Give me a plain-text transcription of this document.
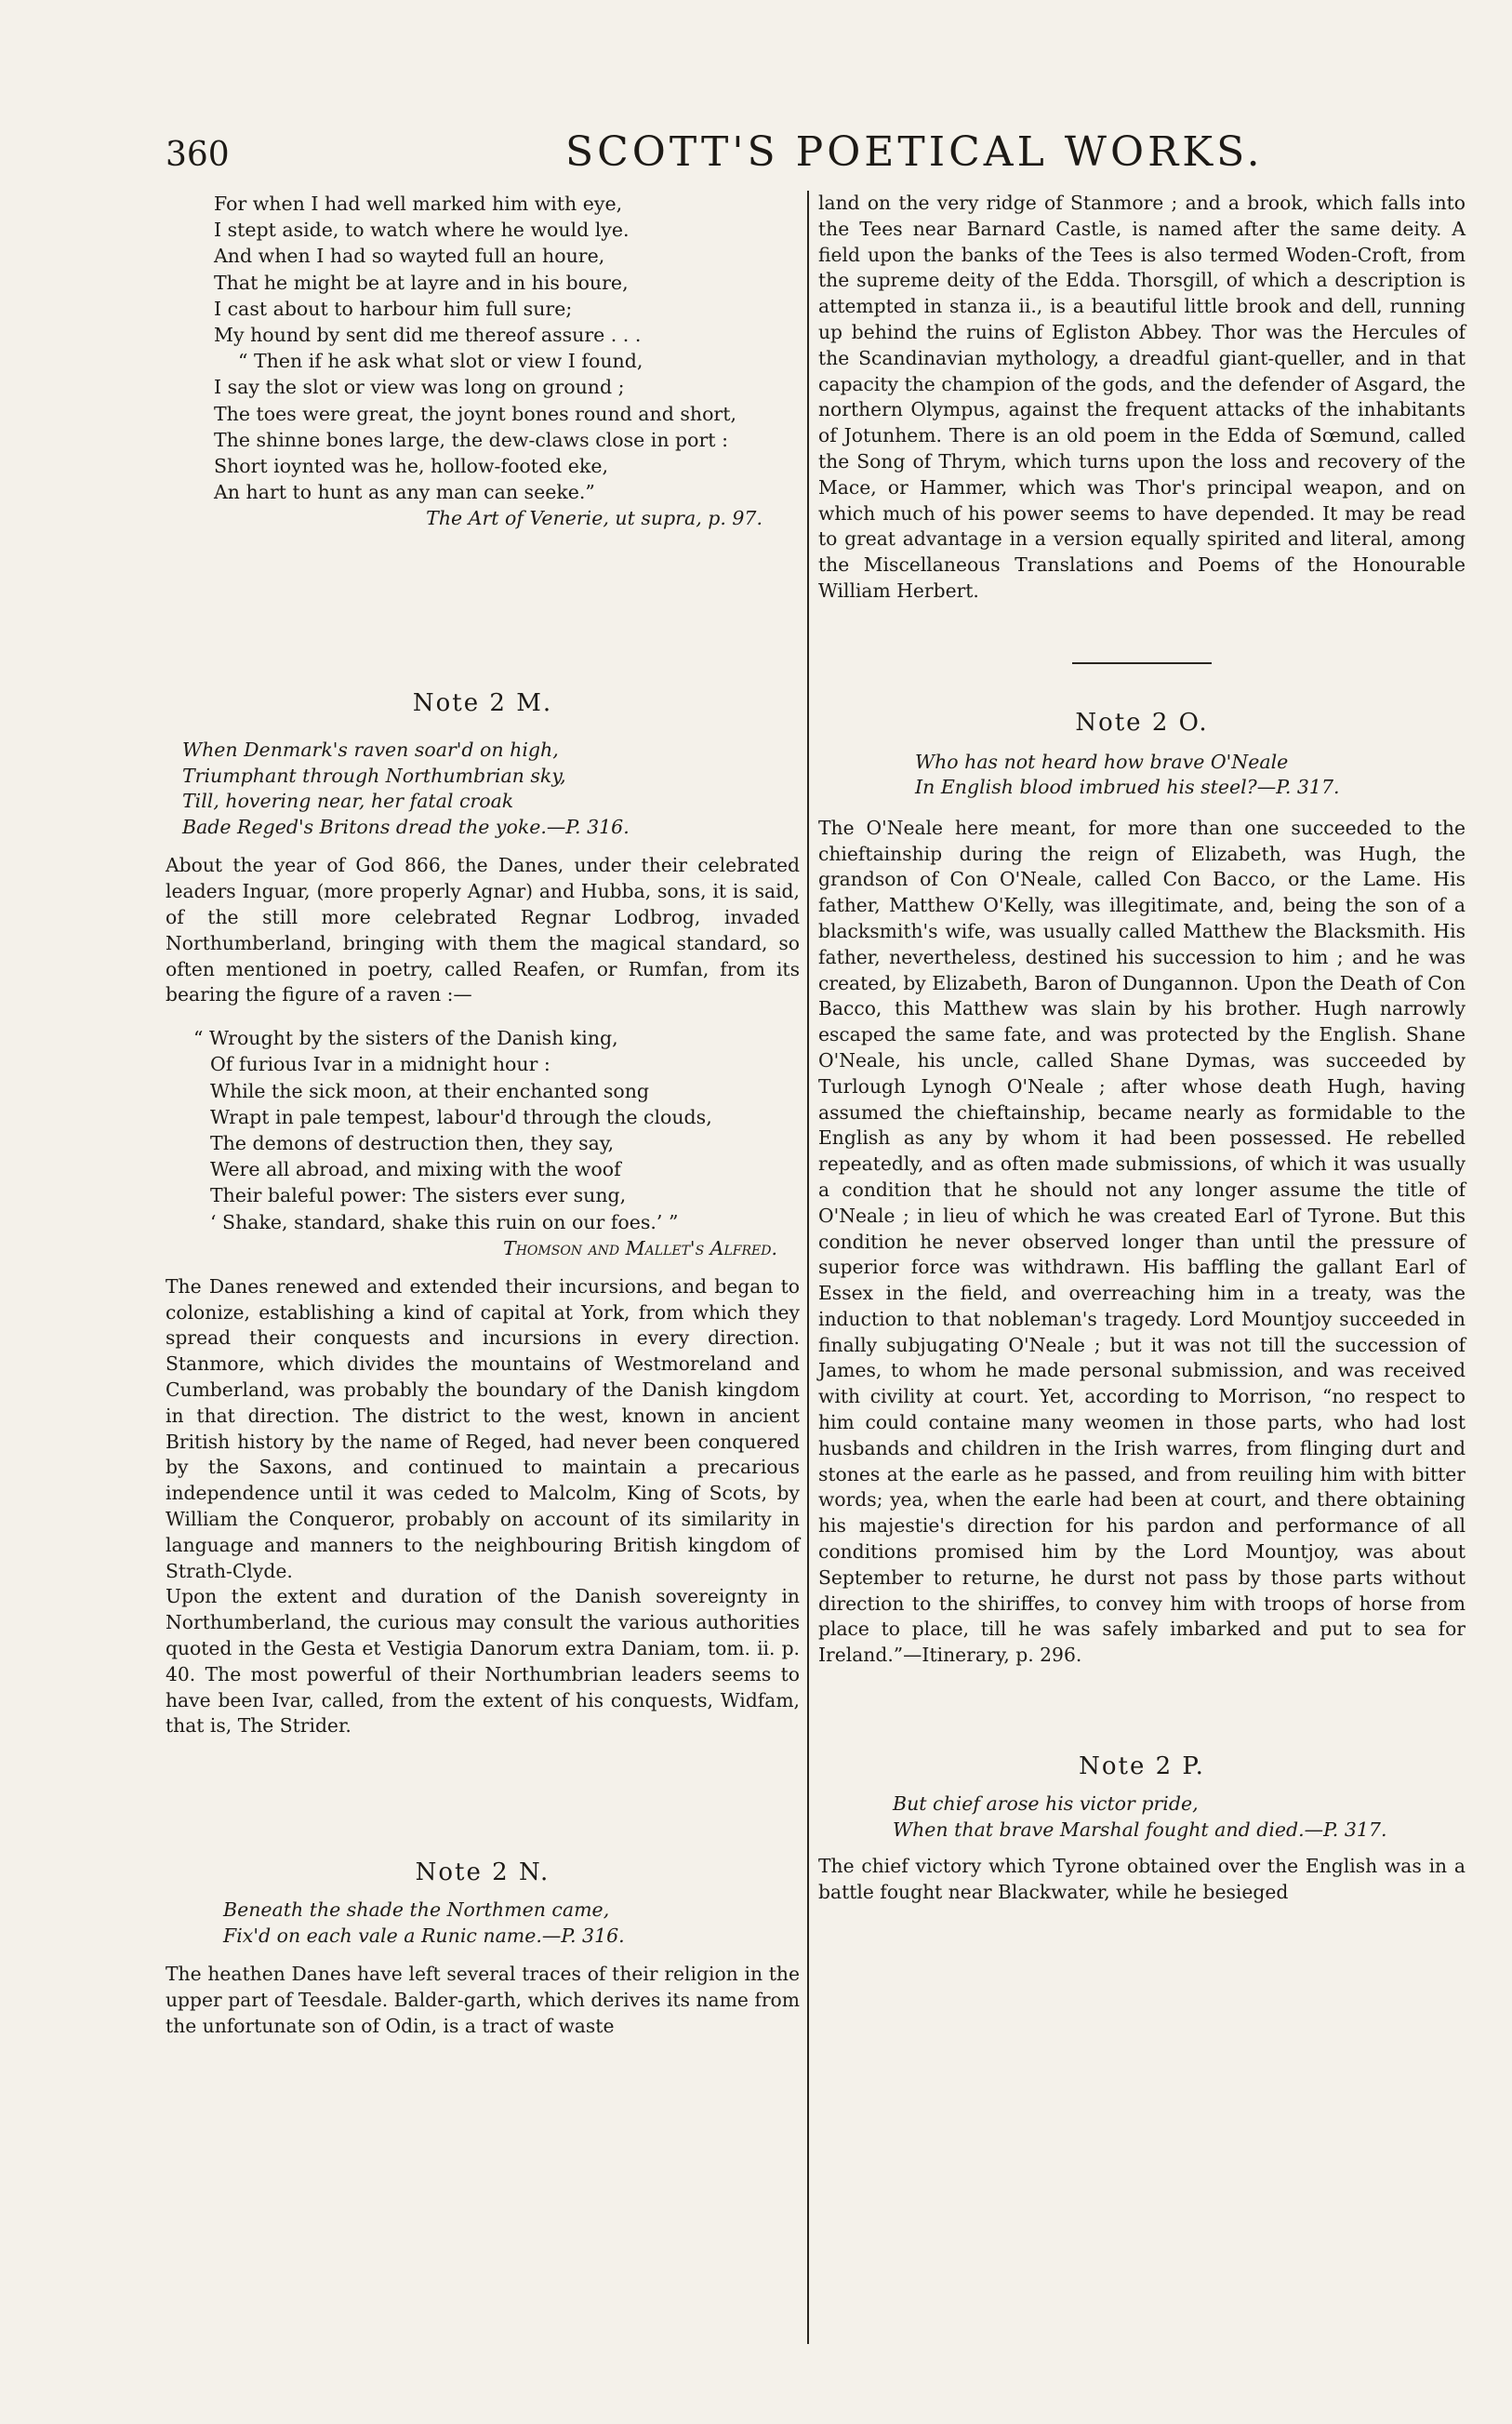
360	SCOTT'S POETICAL WORKS.
For when I had well marked him with eye,
I stept aside, to watch where he would lye.
And when I had so wayted full an houre,
That he might be at layre and in his boure,
I cast about to harbour him full sure;
My hound by sent did me thereof assure . . .
“ Then if he ask what slot or view I found,
I say the slot or view was long on ground ;
The toes were great, the joynt bones round and short,
The shinne bones large, the dew-claws close in port :
Short ioynted was he, hollow-footed eke,
An hart to hunt as any man can seeke.”
The Art of Venerie, ut supra, p. 97.
Note 2 M.
When Denmark's raven soar'd on high,
Triumphant through Northumbrian sky,
Till, hovering near, her fatal croak
Bade Reged's Britons dread the yoke.—P. 316.

About the year of God 866, the Danes, under their celebrated leaders Inguar, (more properly Agnar) and Hubba, sons, it is said, of the still more celebrated Regnar Lodbrog, invaded Northumberland, bringing with them the magical standard, so often mentioned in poetry, called Reafen, or Rumfan, from its bearing the figure of a raven :—

“ Wrought by the sisters of the Danish king,
Of furious Ivar in a midnight hour :
While the sick moon, at their enchanted song
Wrapt in pale tempest, labour'd through the clouds,
The demons of destruction then, they say,
Were all abroad, and mixing with the woof
Their baleful power: The sisters ever sung,
‘ Shake, standard, shake this ruin on our foes.’ ”
Thomson and Mallet's Alfred.

The Danes renewed and extended their incursions, and began to colonize, establishing a kind of capital at York, from which they spread their conquests and incursions in every direction. Stanmore, which divides the mountains of Westmoreland and Cumberland, was probably the boundary of the Danish kingdom in that direction. The district to the west, known in ancient British history by the name of Reged, had never been conquered by the Saxons, and continued to maintain a precarious independence until it was ceded to Malcolm, King of Scots, by William the Conqueror, probably on account of its similarity in language and manners to the neighbouring British kingdom of Strath-Clyde.

Upon the extent and duration of the Danish sovereignty in Northumberland, the curious may consult the various authorities quoted in the Gesta et Vestigia Danorum extra Daniam, tom. ii. p. 40. The most powerful of their Northumbrian leaders seems to have been Ivar, called, from the extent of his conquests, Widfam, that is, The Strider.

Note 2 N.
Beneath the shade the Northmen came,
Fix'd on each vale a Runic name.—P. 316.

The heathen Danes have left several traces of their religion in the upper part of Teesdale. Balder-garth, which derives its name from the unfortunate son of Odin, is a tract of waste

land on the very ridge of Stanmore ; and a brook, which falls into the Tees near Barnard Castle, is named after the same deity. A field upon the banks of the Tees is also termed Woden-Croft, from the supreme deity of the Edda. Thorsgill, of which a description is attempted in stanza ii., is a beautiful little brook and dell, running up behind the ruins of Egliston Abbey. Thor was the Hercules of the Scandinavian mythology, a dreadful giant-queller, and in that capacity the champion of the gods, and the defender of Asgard, the northern Olympus, against the frequent attacks of the inhabitants of Jotunhem. There is an old poem in the Edda of Sœmund, called the Song of Thrym, which turns upon the loss and recovery of the Mace, or Hammer, which was Thor's principal weapon, and on which much of his power seems to have depended. It may be read to great advantage in a version equally spirited and literal, among the Miscellaneous Translations and Poems of the Honourable William Herbert.

Note 2 O.
Who has not heard how brave O'Neale
In English blood imbrued his steel?—P. 317.

The O'Neale here meant, for more than one succeeded to the chieftainship during the reign of Elizabeth, was Hugh, the grandson of Con O'Neale, called Con Bacco, or the Lame. His father, Matthew O'Kelly, was illegitimate, and, being the son of a blacksmith's wife, was usually called Matthew the Blacksmith. His father, nevertheless, destined his succession to him ; and he was created, by Elizabeth, Baron of Dungannon. Upon the Death of Con Bacco, this Matthew was slain by his brother. Hugh narrowly escaped the same fate, and was protected by the English. Shane O'Neale, his uncle, called Shane Dymas, was succeeded by Turlough Lynogh O'Neale ; after whose death Hugh, having assumed the chieftainship, became nearly as formidable to the English as any by whom it had been possessed. He rebelled repeatedly, and as often made submissions, of which it was usually a condition that he should not any longer assume the title of O'Neale ; in lieu of which he was created Earl of Tyrone. But this condition he never observed longer than until the pressure of superior force was withdrawn. His baffling the gallant Earl of Essex in the field, and overreaching him in a treaty, was the induction to that nobleman's tragedy. Lord Mountjoy succeeded in finally subjugating O'Neale ; but it was not till the succession of James, to whom he made personal submission, and was received with civility at court. Yet, according to Morrison, “no respect to him could containe many weomen in those parts, who had lost husbands and children in the Irish warres, from flinging durt and stones at the earle as he passed, and from reuiling him with bitter words; yea, when the earle had been at court, and there obtaining his majestie's direction for his pardon and performance of all conditions promised him by the Lord Mountjoy, was about September to returne, he durst not pass by those parts without direction to the shiriffes, to convey him with troops of horse from place to place, till he was safely imbarked and put to sea for Ireland.”—Itinerary, p. 296.

Note 2 P.
But chief arose his victor pride,
When that brave Marshal fought and died.—P. 317.

The chief victory which Tyrone obtained over the English was in a battle fought near Blackwater, while he besieged
